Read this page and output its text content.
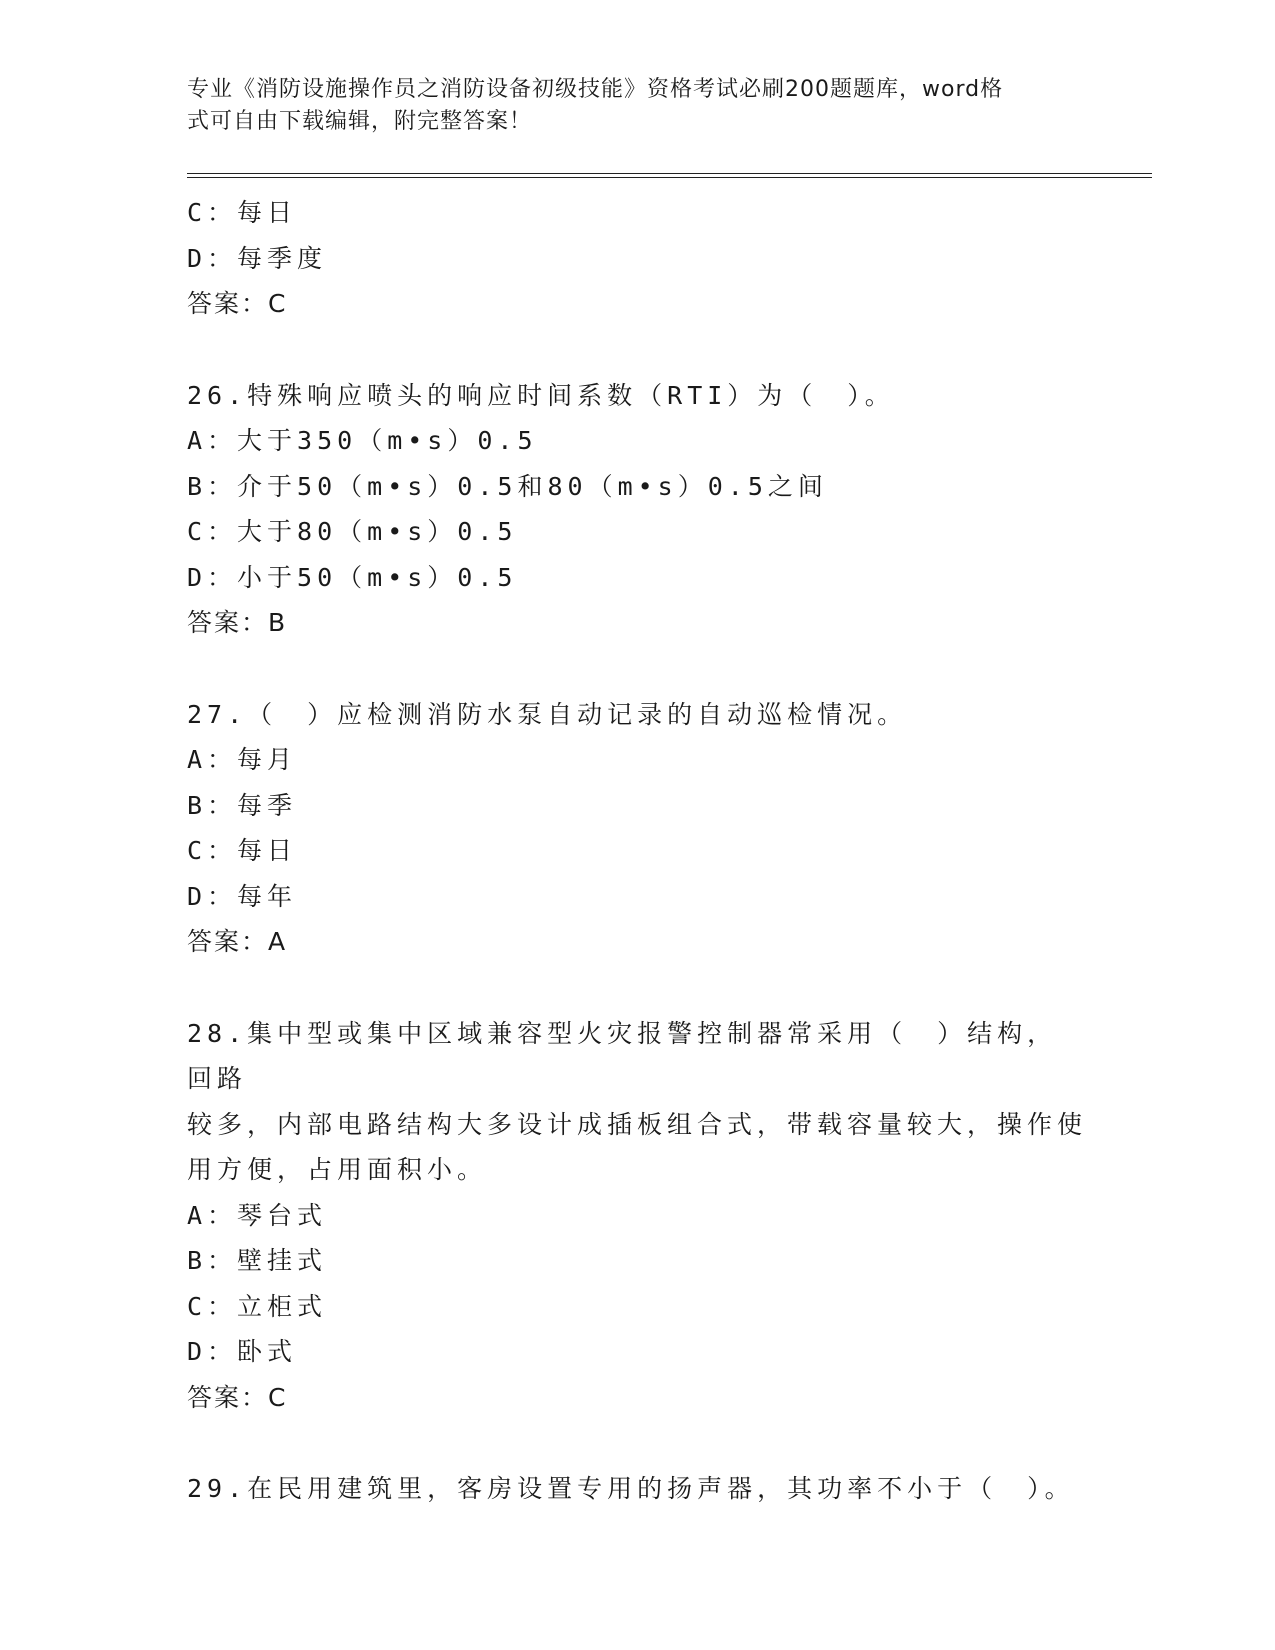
专业《消防设施操作员之消防设备初级技能》资格考试必刷200题题库，word格
式可自由下载编辑，附完整答案！
C：每日
D：每季度
答案：C
26.特殊响应喷头的响应时间系数（RTI）为（　）。
A：大于350（m•s）0.5
B：介于50（m•s）0.5和80（m•s）0.5之间
C：大于80（m•s）0.5
D：小于50（m•s）0.5
答案：B
27.（　）应检测消防水泵自动记录的自动巡检情况。
A：每月
B：每季
C：每日
D：每年
答案：A
28.集中型或集中区域兼容型火灾报警控制器常采用（　）结构，回路
较多，内部电路结构大多设计成插板组合式，带载容量较大，操作使
用方便，占用面积小。
A：琴台式
B：壁挂式
C：立柜式
D：卧式
答案：C
29.在民用建筑里，客房设置专用的扬声器，其功率不小于（　）。
